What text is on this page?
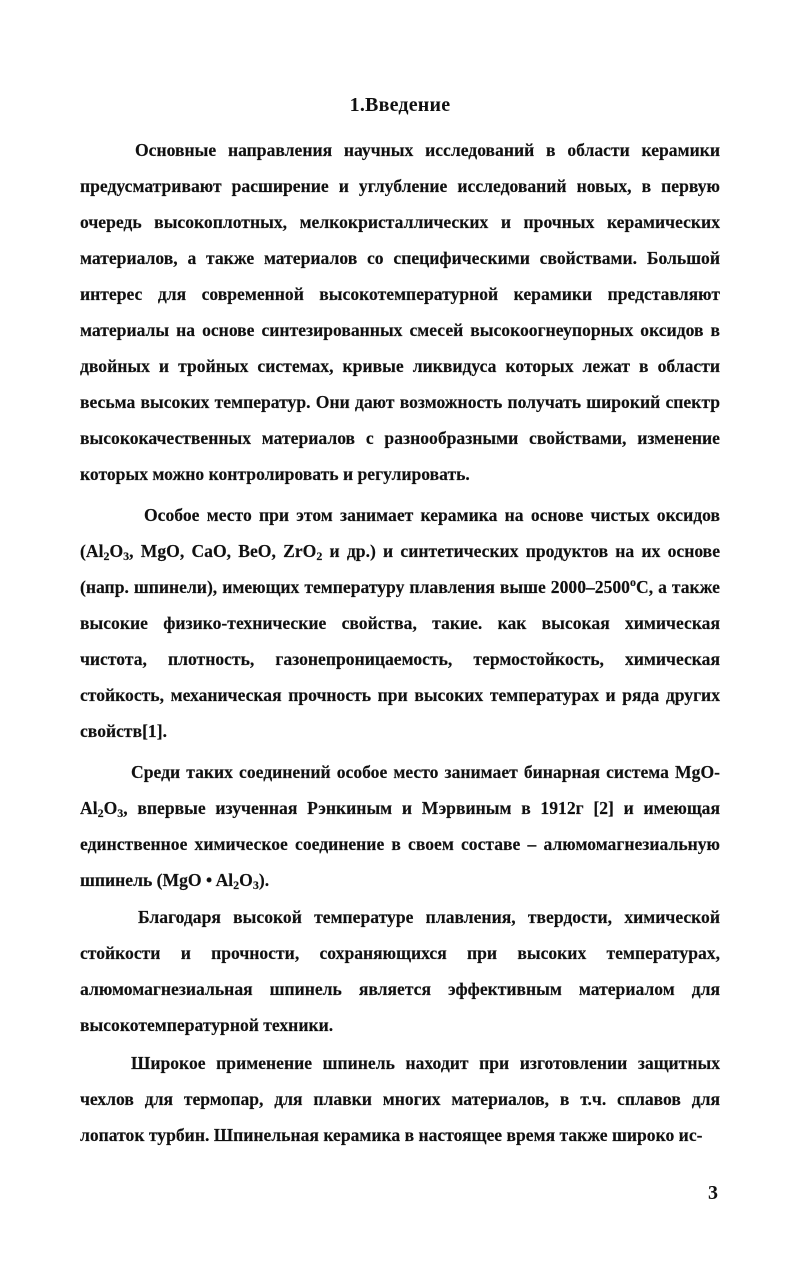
1.Введение

Основные направления научных исследований в области керамики предусматривают расширение и углубление исследований новых, в первую очередь высокоплотных, мелкокристаллических и прочных керамических материалов, а также материалов со специфическими свойствами. Большой интерес для современной высокотемпературной керамики представляют материалы на основе синтезированных смесей высокоогнеупорных оксидов в двойных и тройных системах, кривые ликвидуса которых лежат в области весьма высоких температур. Они дают возможность получать широкий спектр высококачественных материалов с разнообразными свойствами, изменение которых можно контролировать и регулировать.

Особое место при этом занимает керамика на основе чистых оксидов ($Al_2O_3$, MgO, CaO, BeO, ZrO$_2$ и др.) и синтетических продуктов на их основе (напр. шпинели), имеющих температуру плавления выше 2000–2500$^o$С, а также высокие физико-технические свойства, такие. как высокая химическая чистота, плотность, газонепроницаемость, термостойкость, химическая стойкость, механическая прочность при высоких температурах и ряда других свойств[1].

Среди таких соединений особое место занимает бинарная система MgO-$Al_2O_3$, впервые изученная Рэнкиным и Мэрвиным в 1912г [2] и имеющая единственное химическое соединение в своем составе – алюмомагнезиальную шпинель (MgO • $Al_2O_3$).

Благодаря высокой температуре плавления, твердости, химической стойкости и прочности, сохраняющихся при высоких температурах, алюмомагнезиальная шпинель является эффективным материалом для высокотемпературной техники.

Широкое применение шпинель находит при изготовлении защитных чехлов для термопар, для плавки многих материалов, в т.ч. сплавов для лопаток турбин. Шпинельная керамика в настоящее время также широко ис-

3
